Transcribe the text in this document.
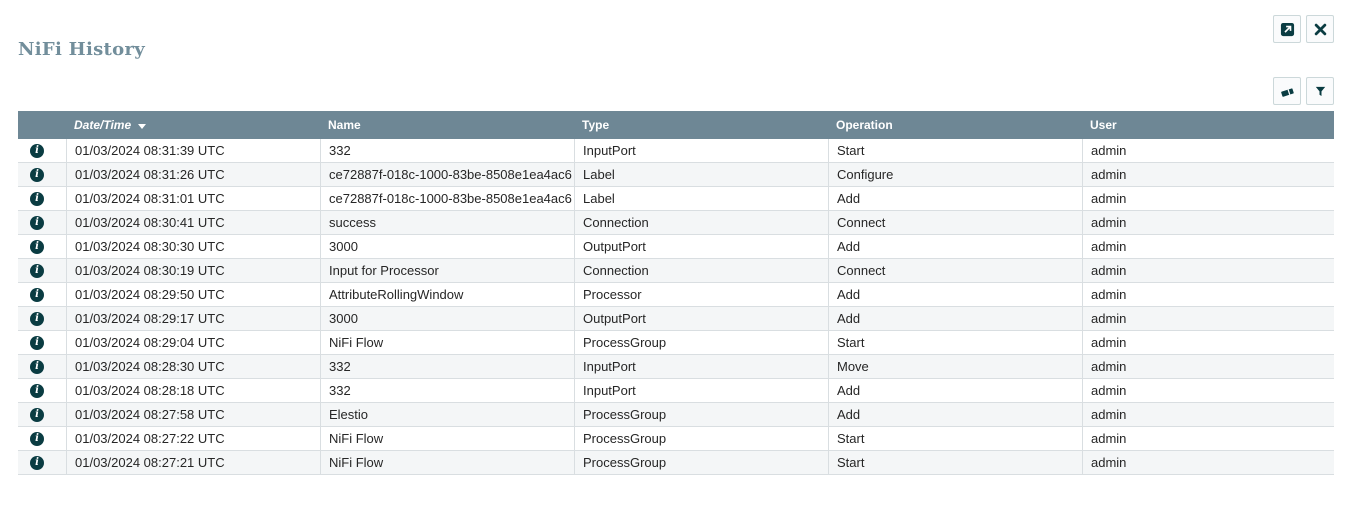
NiFi History
Date/Time	Name	Type	Operation	User
i
01/03/2024 08:31:39 UTC	332	InputPort	Start	admin
i
01/03/2024 08:31:26 UTC	ce72887f-018c-1000-83be-8508e1ea4ac6 Label	Configure	admin
i
01/03/2024 08:31:01 UTC	ce72887f-018c-1000-83be-8508e1ea4ac6 Label	Add	admin
i
01/03/2024 08:30:41 UTC	success	Connection	Connect	admin
i
01/03/2024 08:30:30 UTC	3000	OutputPort	Add	admin
i
01/03/2024 08:30:19 UTC	Input for Processor	Connection	Connect	admin
i
01/03/2024 08:29:50 UTC	AttributeRollingWindow	Processor	Add	admin
i
01/03/2024 08:29:17 UTC	3000	OutputPort	Add	admin
i
01/03/2024 08:29:04 UTC	NiFi Flow	ProcessGroup	Start	admin
i
01/03/2024 08:28:30 UTC	332	InputPort	Move	admin
i
01/03/2024 08:28:18 UTC	332	InputPort	Add	admin
i
01/03/2024 08:27:58 UTC	Elestio	ProcessGroup	Add	admin
i
01/03/2024 08:27:22 UTC	NiFi Flow	ProcessGroup	Start	admin
i
01/03/2024 08:27:21 UTC	NiFi Flow	ProcessGroup	Start	admin
